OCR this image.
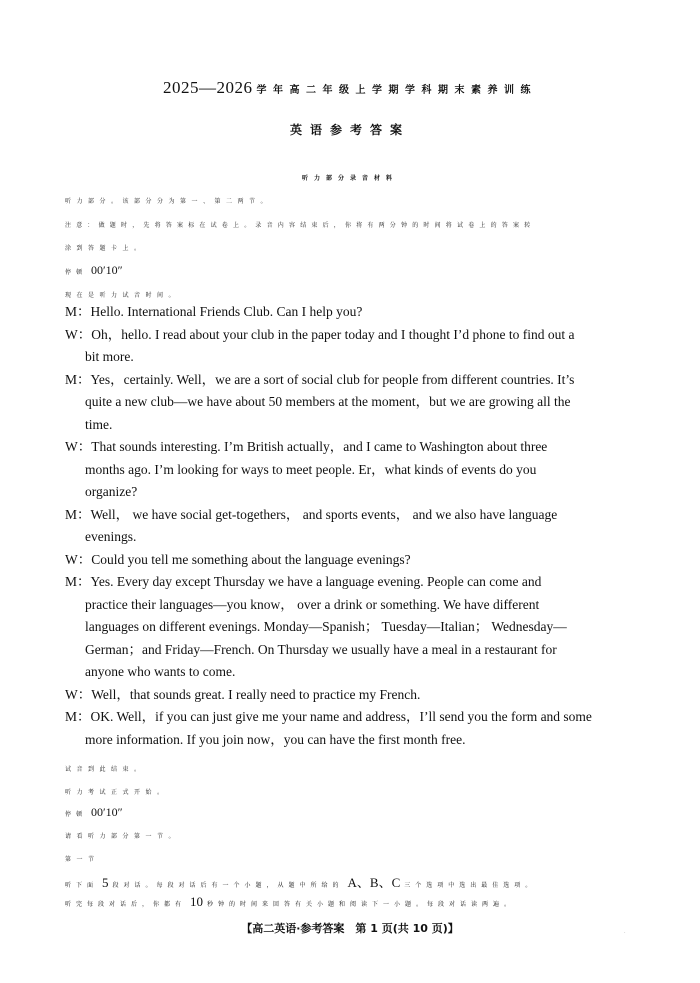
2025—2026 学年高二年级上学期学科期末素养训练
英语参考答案
听力部分录音材料
听力部分。该部分分为第一、第二两节。
注意：做题时，先将答案标在试卷上。录音内容结束后，你将有两分钟的时间将试卷上的答案转
涂到答题卡上。
停顿 00′10″
现在是听力试音时间。
M：Hello. International Friends Club. Can I help you?
W：Oh，hello. I read about your club in the paper today and I thought I’d phone to find out a
bit more.
M：Yes，certainly. Well，we are a sort of social club for people from different countries. It’s
quite a new club—we have about 50 members at the moment，but we are growing all the
time.
W：That sounds interesting. I’m British actually，and I came to Washington about three
months ago. I’m looking for ways to meet people. Er，what kinds of events do you
organize?
M：Well， we have social get-togethers， and sports events， and we also have language
evenings.
W：Could you tell me something about the language evenings?
M：Yes. Every day except Thursday we have a language evening. People can come and
practice their languages—you know， over a drink or something. We have different
languages on different evenings. Monday—Spanish； Tuesday—Italian； Wednesday—
German；and Friday—French. On Thursday we usually have a meal in a restaurant for
anyone who wants to come.
W：Well，that sounds great. I really need to practice my French.
M：OK. Well，if you can just give me your name and address，I’ll send you the form and some
more information. If you join now，you can have the first month free.
试音到此结束。
听力考试正式开始。
停顿 00′10″
请看听力部分第一节。
第一节
听下面 5 段对话。每段对话后有一个小题，从题中所给的 A、B、C 三个选项中选出最佳选项。
听完每段对话后，你都有 10 秒钟的时间来回答有关小题和阅读下一小题。每段对话读两遍。
【高二英语·参考答案　第 1 页(共 10 页)】	·
